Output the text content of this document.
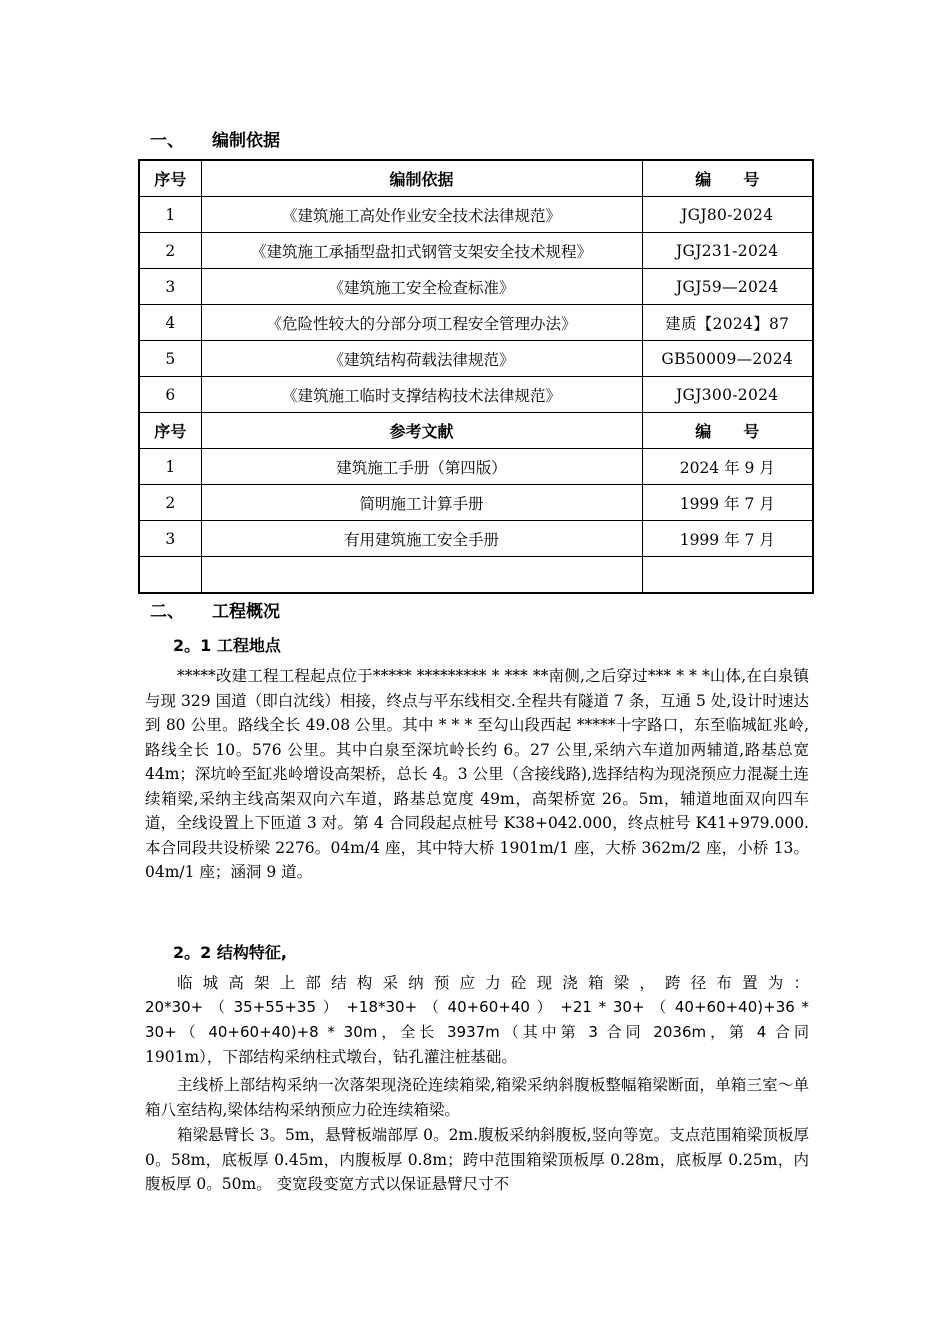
一、 编制依据
序号	编制依据	编　　号
1	《建筑施工高处作业安全技术法律规范》	JGJ80-2024
2	《建筑施工承插型盘扣式钢管支架安全技术规程》	JGJ231-2024
3	《建筑施工安全检查标准》	JGJ59—2024
4	《危险性较大的分部分项工程安全管理办法》	建质【2024】87
5	《建筑结构荷载法律规范》	GB50009—2024
6	《建筑施工临时支撑结构技术法律规范》	JGJ300-2024
序号	参考文献	编　　号
1	建筑施工手册（第四版）	2024 年 9 月
2	简明施工计算手册	1999 年 7 月
3	有用建筑施工安全手册	1999 年 7 月

二、 工程概况
2。1 工程地点

*****改建工程工程起点位于***** ********* * *** **南侧,之后穿过*** * * *山体,在白泉镇与现 329 国道（即白沈线）相接，终点与平东线相交.全程共有隧道 7 条，互通 5 处,设计时速达到 80 公里。路线全长 49.08 公里。其中 * * * 至勾山段西起 *****十字路口，东至临城缸兆岭,路线全长 10。576 公里。其中白泉至深坑岭长约 6。27 公里,采纳六车道加两辅道,路基总宽 44m；深坑岭至缸兆岭增设高架桥，总长 4。3 公里（含接线路),选择结构为现浇预应力混凝土连续箱梁,采纳主线高架双向六车道，路基总宽度 49m，高架桥宽 26。5m，辅道地面双向四车道，全线设置上下匝道 3 对。第 4 合同段起点桩号 K38+042.000，终点桩号 K41+979.000.本合同段共设桥梁 2276。04m/4 座，其中特大桥 1901m/1 座，大桥 362m/2 座，小桥 13。04m/1 座；涵洞 9 道。

2。2 结构特征,

临城高架上部结构采纳预应力砼现浇箱梁，跨径布置为：

20*30+ （ 35+55+35 ） +18*30+ （ 40+60+40 ） +21 * 30+ （ 40+60+40)+36 *

30+（ 40+60+40)+8 * 30m，全长 3937m（其中第 3 合同 2036m，第 4 合同

1901m），下部结构采纳柱式墩台，钻孔灌注桩基础。

主线桥上部结构采纳一次落架现浇砼连续箱梁,箱梁采纳斜腹板整幅箱梁断面，单箱三室～单箱八室结构,梁体结构采纳预应力砼连续箱梁。

箱梁悬臂长 3。5m，悬臂板端部厚 0。2m.腹板采纳斜腹板,竖向等宽。支点范围箱梁顶板厚 0。58m，底板厚 0.45m，内腹板厚 0.8m；跨中范围箱梁顶板厚 0.28m，底板厚 0.25m，内腹板厚 0。50m。 变宽段变宽方式以保证悬臂尺寸不
